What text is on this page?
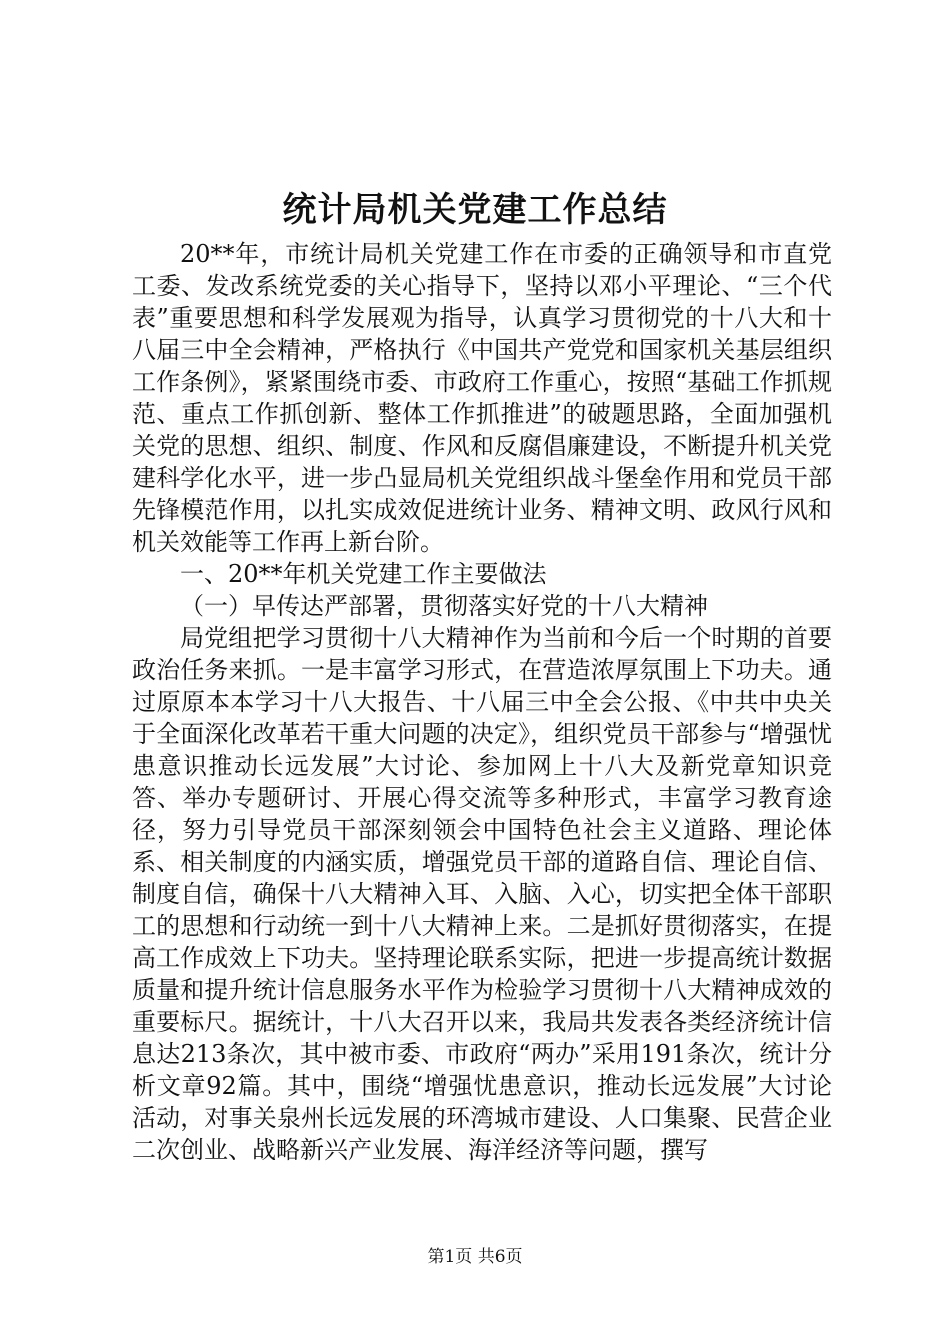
统计局机关党建工作总结

20**年，市统计局机关党建工作在市委的正确领导和市直党工委、发改系统党委的关心指导下，坚持以邓小平理论、“三个代表”重要思想和科学发展观为指导，认真学习贯彻党的十八大和十八届三中全会精神，严格执行《中国共产党党和国家机关基层组织工作条例》，紧紧围绕市委、市政府工作重心，按照“基础工作抓规范、重点工作抓创新、整体工作抓推进”的破题思路，全面加强机关党的思想、组织、制度、作风和反腐倡廉建设，不断提升机关党建科学化水平，进一步凸显局机关党组织战斗堡垒作用和党员干部先锋模范作用，以扎实成效促进统计业务、精神文明、政风行风和机关效能等工作再上新台阶。

一、20**年机关党建工作主要做法

（一）早传达严部署，贯彻落实好党的十八大精神

局党组把学习贯彻十八大精神作为当前和今后一个时期的首要政治任务来抓。一是丰富学习形式，在营造浓厚氛围上下功夫。通过原原本本学习十八大报告、十八届三中全会公报、《中共中央关于全面深化改革若干重大问题的决定》，组织党员干部参与“增强忧患意识推动长远发展”大讨论、参加网上十八大及新党章知识竞答、举办专题研讨、开展心得交流等多种形式，丰富学习教育途径，努力引导党员干部深刻领会中国特色社会主义道路、理论体系、相关制度的内涵实质，增强党员干部的道路自信、理论自信、制度自信，确保十八大精神入耳、入脑、入心，切实把全体干部职工的思想和行动统一到十八大精神上来。二是抓好贯彻落实，在提高工作成效上下功夫。坚持理论联系实际，把进一步提高统计数据质量和提升统计信息服务水平作为检验学习贯彻十八大精神成效的重要标尺。据统计，十八大召开以来，我局共发表各类经济统计信息达213条次，其中被市委、市政府“两办”采用191条次，统计分析文章92篇。其中，围绕“增强忧患意识，推动长远发展”大讨论活动，对事关泉州长远发展的环湾城市建设、人口集聚、民营企业二次创业、战略新兴产业发展、海洋经济等问题，撰写

第1页 共6页
